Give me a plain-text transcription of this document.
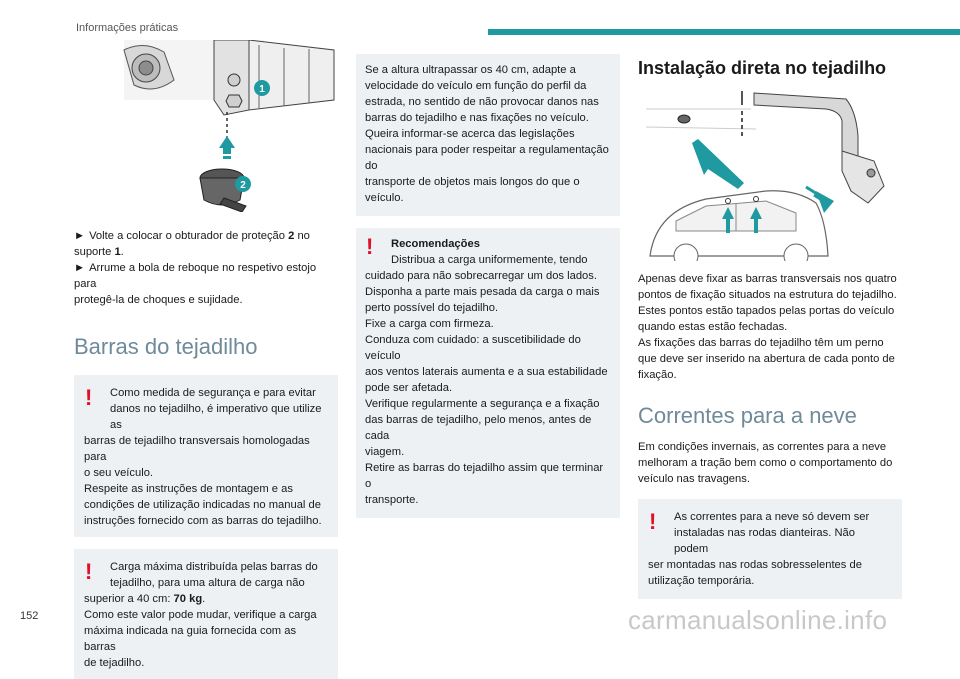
Informações práticas
1
2

► Volte a colocar o obturador de proteção 2 no

suporte 1.

► Arrume a bola de reboque no respetivo estojo para

protegê-la de choques e sujidade.

Barras do tejadilho
!	Como medida de segurança e para evitar

danos no tejadilho, é imperativo que utilize as

barras de tejadilho transversais homologadas para

o seu veículo.

Respeite as instruções de montagem e as

condições de utilização indicadas no manual de

instruções fornecido com as barras do tejadilho.

!	Carga máxima distribuída pelas barras do

tejadilho, para uma altura de carga não

superior a 40 cm: 70 kg.

Como este valor pode mudar, verifique a carga

máxima indicada na guia fornecida com as barras

de tejadilho.

Se a altura ultrapassar os 40 cm, adapte a

velocidade do veículo em função do perfil da

estrada, no sentido de não provocar danos nas

barras do tejadilho e nas fixações no veículo.

Queira informar-se acerca das legislações

nacionais para poder respeitar a regulamentação do

transporte de objetos mais longos do que o veículo.

!	Recomendações

Distribua a carga uniformemente, tendo

cuidado para não sobrecarregar um dos lados.

Disponha a parte mais pesada da carga o mais

perto possível do tejadilho.

Fixe a carga com firmeza.

Conduza com cuidado: a suscetibilidade do veículo

aos ventos laterais aumenta e a sua estabilidade

pode ser afetada.

Verifique regularmente a segurança e a fixação

das barras de tejadilho, pelo menos, antes de cada

viagem.

Retire as barras do tejadilho assim que terminar o

transporte.

Instalação direta no tejadilho

Apenas deve fixar as barras transversais nos quatro

pontos de fixação situados na estrutura do tejadilho.

Estes pontos estão tapados pelas portas do veículo

quando estas estão fechadas.

As fixações das barras do tejadilho têm um perno

que deve ser inserido na abertura de cada ponto de

fixação.

Correntes para a neve

Em condições invernais, as correntes para a neve

melhoram a tração bem como o comportamento do

veículo nas travagens.

!	As correntes para a neve só devem ser

instaladas nas rodas dianteiras. Não podem

ser montadas nas rodas sobresselentes de

utilização temporária.

152	carmanualsonline.info
